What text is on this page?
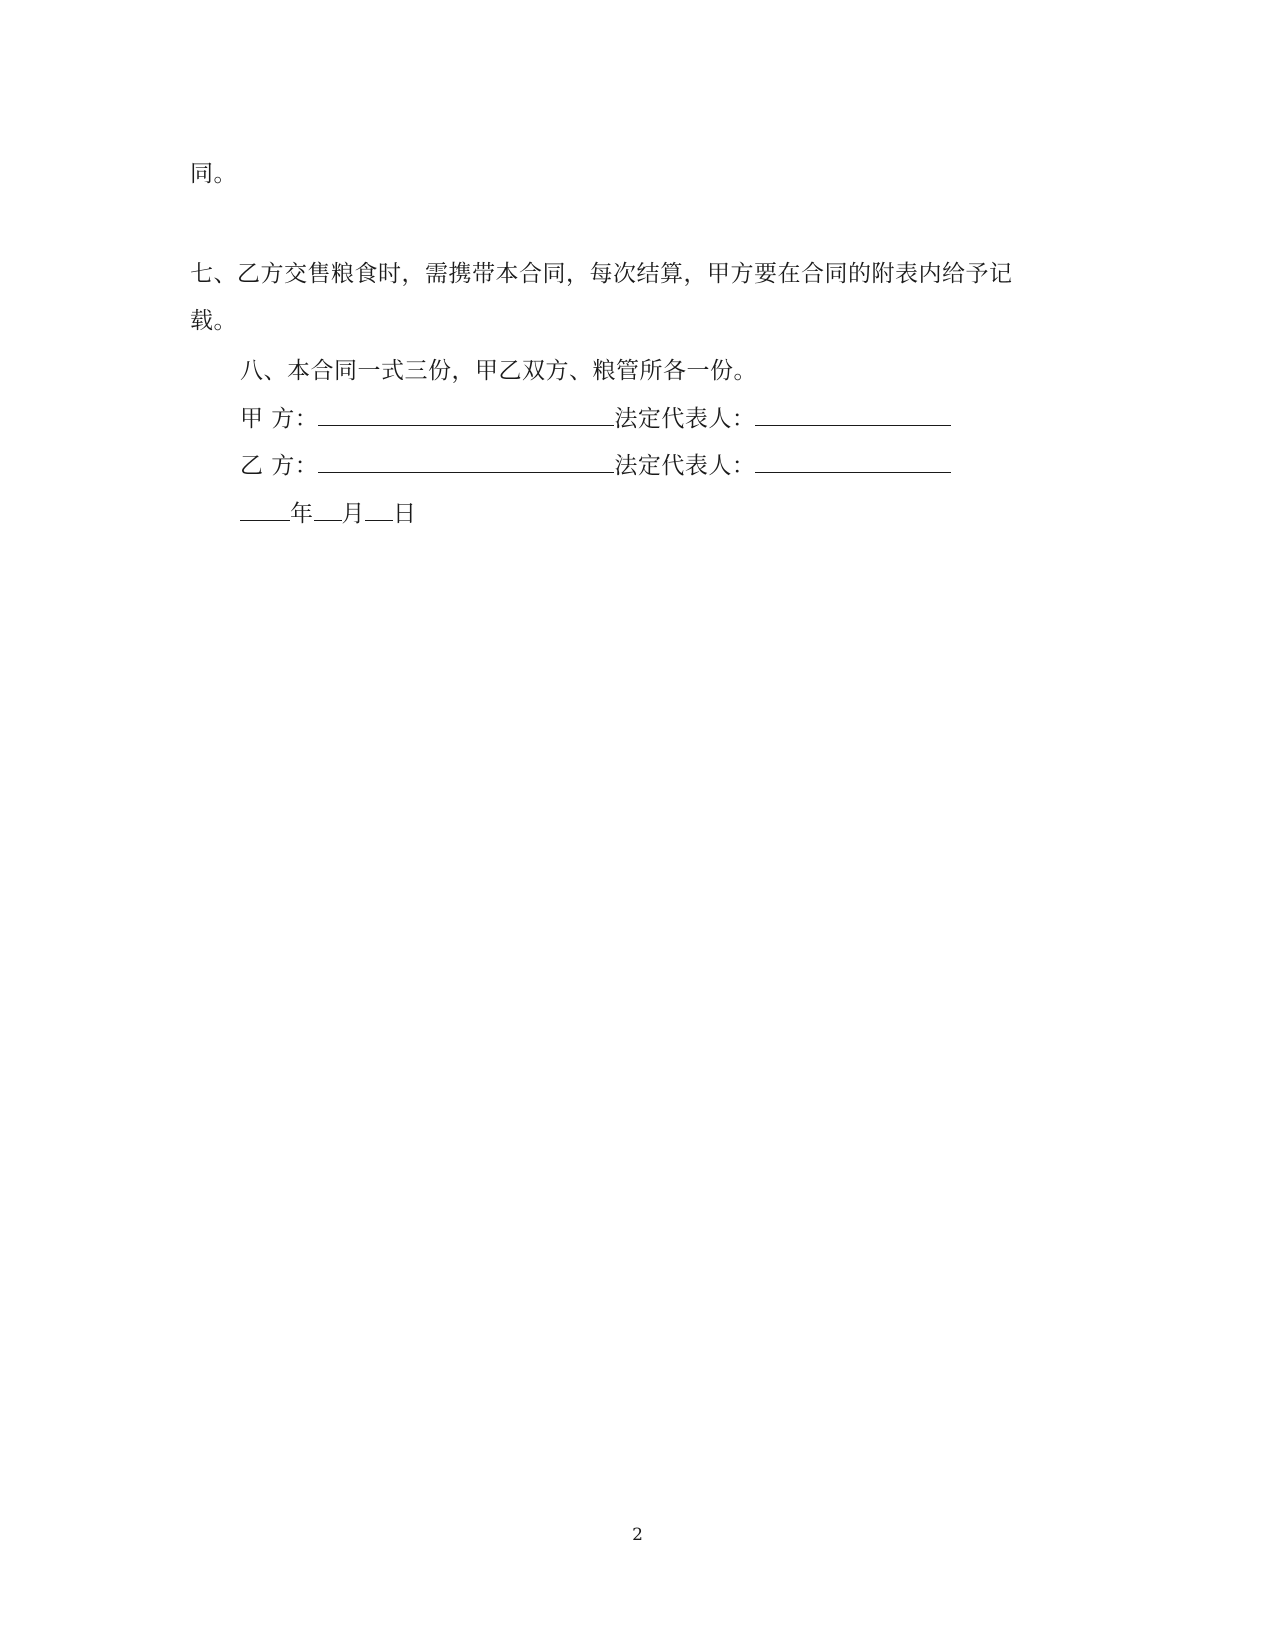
同。
七、乙方交售粮食时，需携带本合同，每次结算，甲方要在合同的附表内给予记
载。
八、本合同一式三份，甲乙双方、粮管所各一份。
甲 方：	法定代表人：
乙 方：	法定代表人：
年 月 日
2
